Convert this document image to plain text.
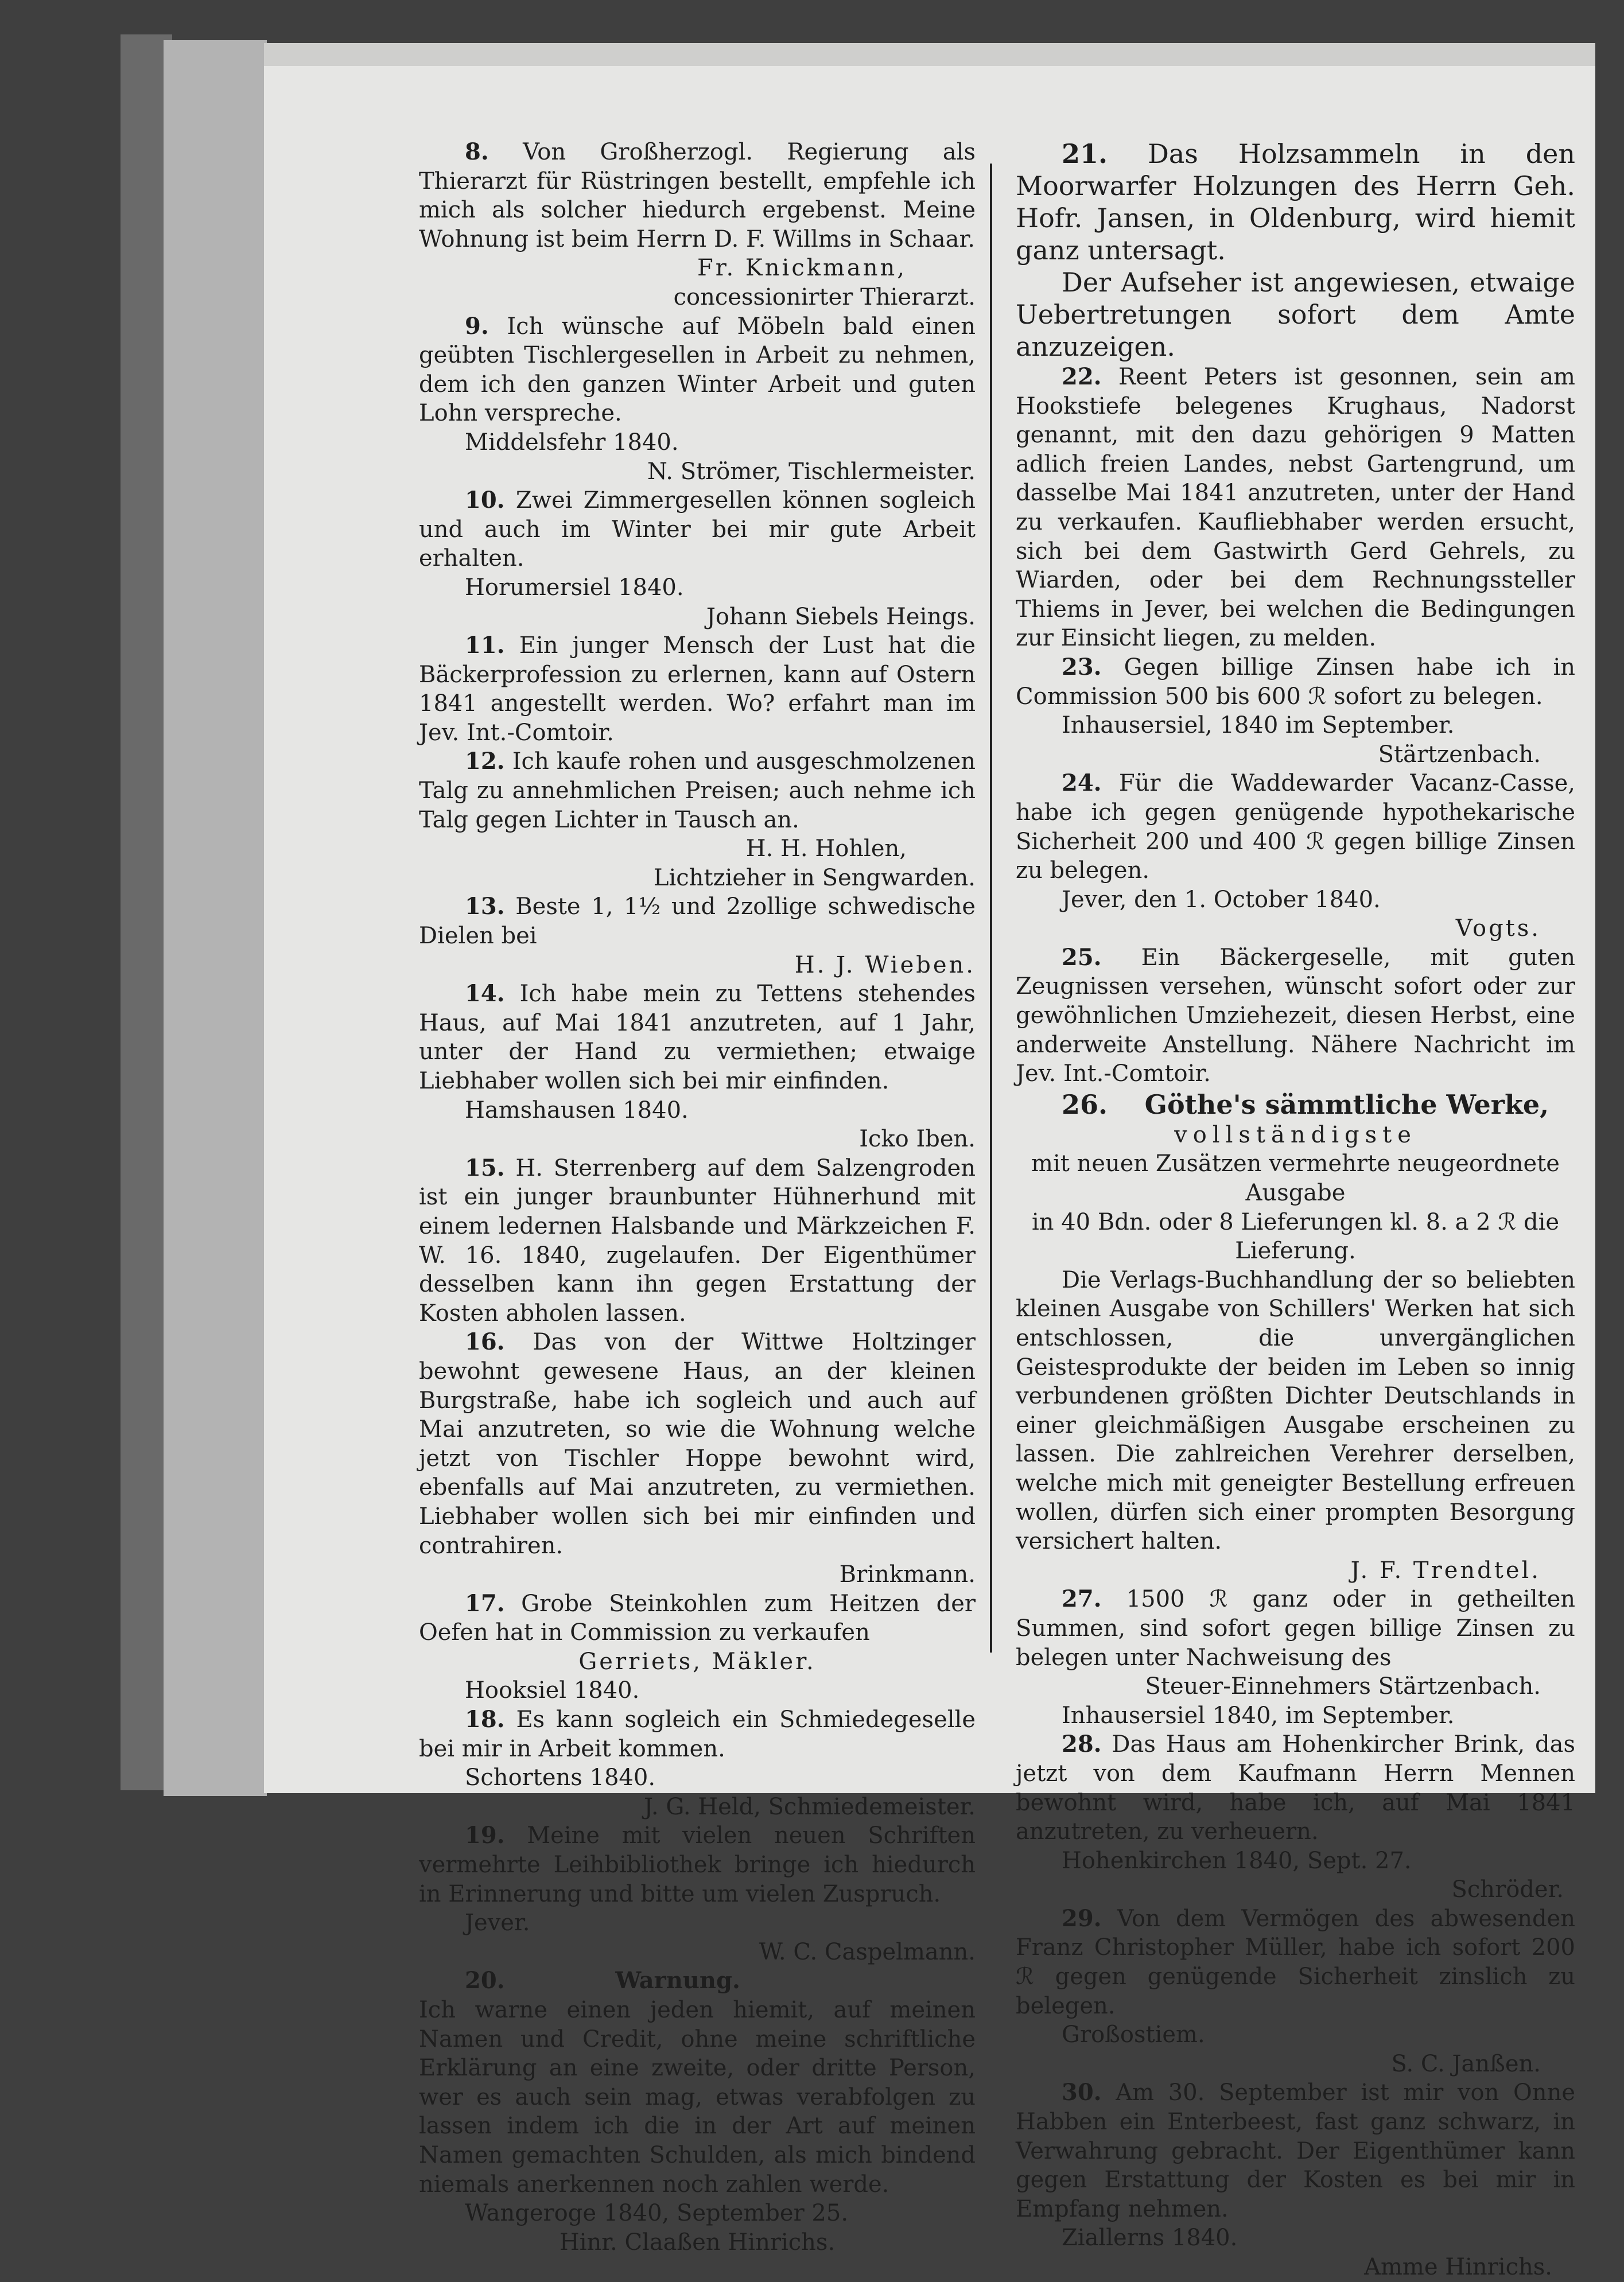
8. Von Großherzogl. Regierung als Thierarzt für Rüstringen bestellt, empfehle ich mich als solcher hiedurch ergebenst. Meine Wohnung ist beim Herrn D. F. Willms in Schaar.

Fr. Knickmann,
concessionirter Thierarzt.

9. Ich wünsche auf Möbeln bald einen geübten Tischlergesellen in Arbeit zu nehmen, dem ich den ganzen Winter Arbeit und guten Lohn verspreche.

Middelsfehr 1840.
N. Strömer, Tischlermeister.

10. Zwei Zimmergesellen können sogleich und auch im Winter bei mir gute Arbeit erhalten.

Horumersiel 1840.
Johann Siebels Heings.

11. Ein junger Mensch der Lust hat die Bäckerprofession zu erlernen, kann auf Ostern 1841 angestellt werden. Wo? erfahrt man im Jev. Int.-Comtoir.

12. Ich kaufe rohen und ausgeschmolzenen Talg zu annehmlichen Preisen; auch nehme ich Talg gegen Lichter in Tausch an.

H. H. Hohlen,
Lichtzieher in Sengwarden.

13. Beste 1, 1½ und 2zollige schwedische Dielen bei

H. J. Wieben.

14. Ich habe mein zu Tettens stehendes Haus, auf Mai 1841 anzutreten, auf 1 Jahr, unter der Hand zu vermiethen; etwaige Liebhaber wollen sich bei mir einfinden.

Hamshausen 1840.
Icko Iben.

15. H. Sterrenberg auf dem Salzengroden ist ein junger braunbunter Hühnerhund mit einem ledernen Halsbande und Märkzeichen F. W. 16. 1840, zugelaufen. Der Eigenthümer desselben kann ihn gegen Erstattung der Kosten abholen lassen.

16. Das von der Wittwe Holtzinger bewohnt gewesene Haus, an der kleinen Burgstraße, habe ich sogleich und auch auf Mai anzutreten, so wie die Wohnung welche jetzt von Tischler Hoppe bewohnt wird, ebenfalls auf Mai anzutreten, zu vermiethen. Liebhaber wollen sich bei mir einfinden und contrahiren.

Brinkmann.

17. Grobe Steinkohlen zum Heitzen der Oefen hat in Commission zu verkaufen

Gerriets, Mäkler.
Hooksiel 1840.

18. Es kann sogleich ein Schmiedegeselle bei mir in Arbeit kommen.

Schortens 1840.
J. G. Held, Schmiedemeister.

19. Meine mit vielen neuen Schriften vermehrte Leihbibliothek bringe ich hiedurch in Erinnerung und bitte um vielen Zuspruch.

Jever.
W. C. Caspelmann.
20.	Warnung.

Ich warne einen jeden hiemit, auf meinen Namen und Credit, ohne meine schriftliche Erklärung an eine zweite, oder dritte Person, wer es auch sein mag, etwas verabfolgen zu lassen indem ich die in der Art auf meinen Namen gemachten Schulden, als mich bindend niemals anerkennen noch zahlen werde.

Wangeroge 1840, September 25.
Hinr. Claaßen Hinrichs.

21. Das Holzsammeln in den Moorwarfer Holzungen des Herrn Geh. Hofr. Jansen, in Oldenburg, wird hiemit ganz untersagt.

Der Aufseher ist angewiesen, etwaige Uebertretungen sofort dem Amte anzuzeigen.

22. Reent Peters ist gesonnen, sein am Hookstiefe belegenes Krughaus, Nadorst genannt, mit den dazu gehörigen 9 Matten adlich freien Landes, nebst Gartengrund, um dasselbe Mai 1841 anzutreten, unter der Hand zu verkaufen. Kaufliebhaber werden ersucht, sich bei dem Gastwirth Gerd Gehrels, zu Wiarden, oder bei dem Rechnungssteller Thiems in Jever, bei welchen die Bedingungen zur Einsicht liegen, zu melden.

23. Gegen billige Zinsen habe ich in Commission 500 bis 600 ℛ sofort zu belegen.

Inhausersiel, 1840 im September.
Stärtzenbach.

24. Für die Waddewarder Vacanz-Casse, habe ich gegen genügende hypothekarische Sicherheit 200 und 400 ℛ gegen billige Zinsen zu belegen.

Jever, den 1. October 1840.
Vogts.

25. Ein Bäckergeselle, mit guten Zeugnissen versehen, wünscht sofort oder zur gewöhnlichen Umziehezeit, diesen Herbst, eine anderweite Anstellung. Nähere Nachricht im Jev. Int.-Comtoir.

26. Göthe's sämmtliche Werke,
vollständigste
mit neuen Zusätzen vermehrte neugeordnete Ausgabe
in 40 Bdn. oder 8 Lieferungen kl. 8. a 2 ℛ die Lieferung.

Die Verlags-Buchhandlung der so beliebten kleinen Ausgabe von Schillers' Werken hat sich entschlossen, die unvergänglichen Geistesprodukte der beiden im Leben so innig verbundenen größten Dichter Deutschlands in einer gleichmäßigen Ausgabe erscheinen zu lassen. Die zahlreichen Verehrer derselben, welche mich mit geneigter Bestellung erfreuen wollen, dürfen sich einer prompten Besorgung versichert halten.

J. F. Trendtel.

27. 1500 ℛ ganz oder in getheilten Summen, sind sofort gegen billige Zinsen zu belegen unter Nachweisung des

Steuer-Einnehmers Stärtzenbach.
Inhausersiel 1840, im September.

28. Das Haus am Hohenkircher Brink, das jetzt von dem Kaufmann Herrn Mennen bewohnt wird, habe ich, auf Mai 1841 anzutreten, zu verheuern.

Hohenkirchen 1840, Sept. 27.
Schröder.

29. Von dem Vermögen des abwesenden Franz Christopher Müller, habe ich sofort 200 ℛ gegen genügende Sicherheit zinslich zu belegen.

Großostiem.
S. C. Janßen.

30. Am 30. September ist mir von Onne Habben ein Enterbeest, fast ganz schwarz, in Verwahrung gebracht. Der Eigenthümer kann gegen Erstattung der Kosten es bei mir in Empfang nehmen.

Ziallerns 1840.
Amme Hinrichs.
